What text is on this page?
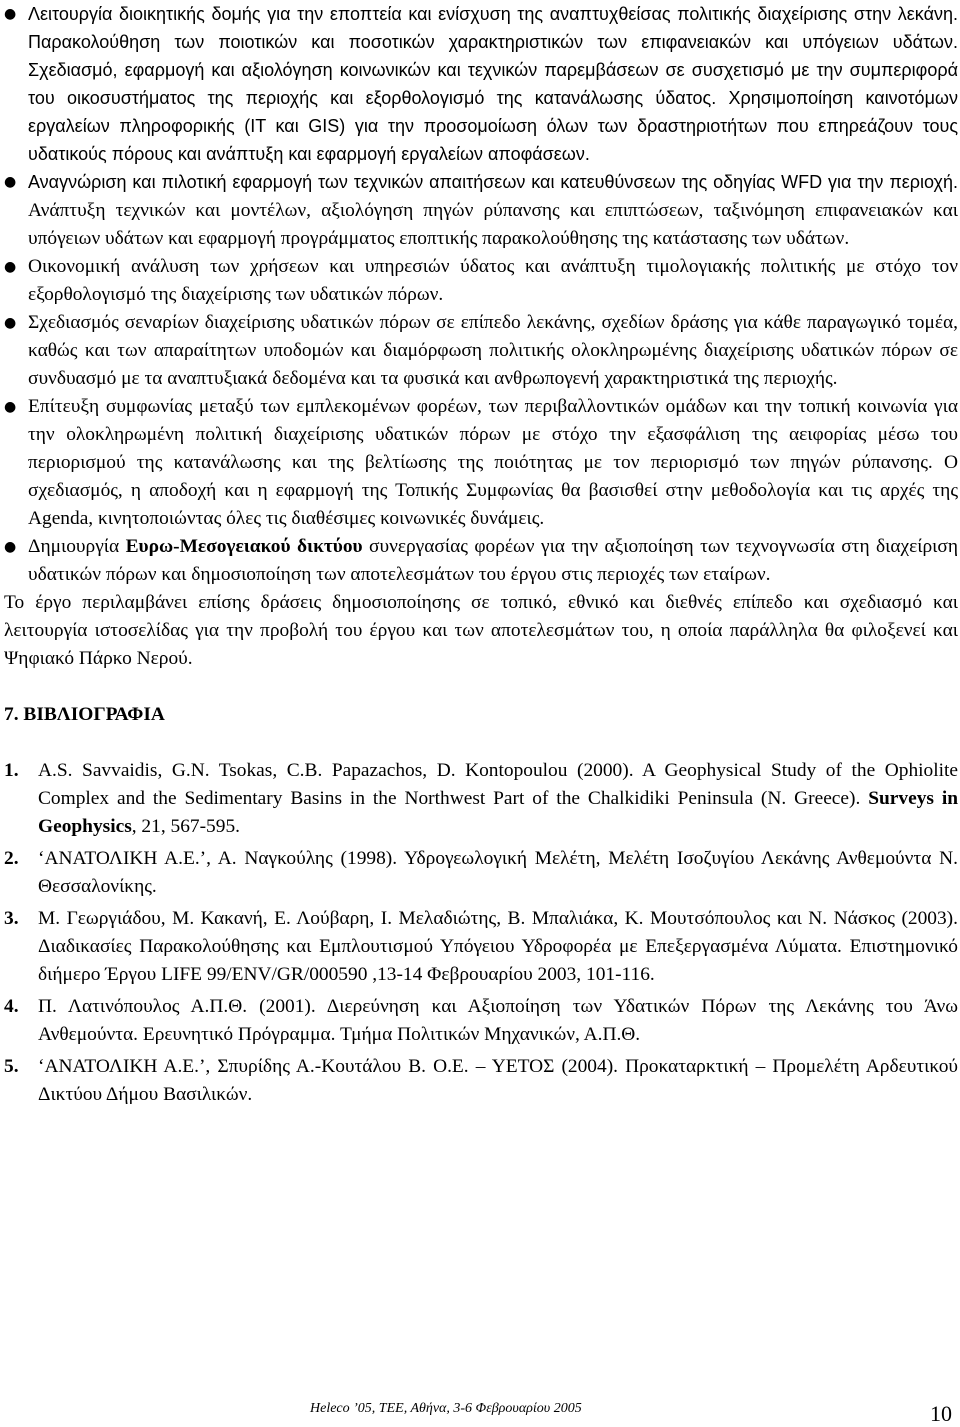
● Λειτουργία διοικητικής δομής για την εποπτεία και ενίσχυση της αναπτυχθείσας πολιτικής διαχείρισης στην λεκάνη. Παρακολούθηση των ποιοτικών και ποσοτικών χαρακτηριστικών των επιφανειακών και υπόγειων υδάτων. Σχεδιασμό, εφαρμογή και αξιολόγηση κοινωνικών και τεχνικών παρεμβάσεων σε συσχετισμό με την συμπεριφορά του οικοσυστήματος της περιοχής και εξορθολογισμό της κατανάλωσης ύδατος. Χρησιμοποίηση καινοτόμων εργαλείων πληροφορικής (IT και GIS) για την προσομοίωση όλων των δραστηριοτήτων που επηρεάζουν τους υδατικούς πόρους και ανάπτυξη και εφαρμογή εργαλείων αποφάσεων.
● Αναγνώριση και πιλοτική εφαρμογή των τεχνικών απαιτήσεων και κατευθύνσεων της οδηγίας WFD για την περιοχή. Ανάπτυξη τεχνικών και μοντέλων, αξιολόγηση πηγών ρύπανσης και επιπτώσεων, ταξινόμηση επιφανειακών και υπόγειων υδάτων και εφαρμογή προγράμματος εποπτικής παρακολούθησης της κατάστασης των υδάτων.
● Οικονομική ανάλυση των χρήσεων και υπηρεσιών ύδατος και ανάπτυξη τιμολογιακής πολιτικής με στόχο τον εξορθολογισμό της διαχείρισης των υδατικών πόρων.
● Σχεδιασμός σεναρίων διαχείρισης υδατικών πόρων σε επίπεδο λεκάνης, σχεδίων δράσης για κάθε παραγωγικό τομέα, καθώς και των απαραίτητων υποδομών και διαμόρφωση πολιτικής ολοκληρωμένης διαχείρισης υδατικών πόρων σε συνδυασμό με τα αναπτυξιακά δεδομένα και τα φυσικά και ανθρωπογενή χαρακτηριστικά της περιοχής.
● Επίτευξη συμφωνίας μεταξύ των εμπλεκομένων φορέων, των περιβαλλοντικών ομάδων και την τοπική κοινωνία για την ολοκληρωμένη πολιτική διαχείρισης υδατικών πόρων με στόχο την εξασφάλιση της αειφορίας μέσω του περιορισμού της κατανάλωσης και της βελτίωσης της ποιότητας με τον περιορισμό των πηγών ρύπανσης. Ο σχεδιασμός, η αποδοχή και η εφαρμογή της Τοπικής Συμφωνίας θα βασισθεί στην μεθοδολογία και τις αρχές της Agenda, κινητοποιώντας όλες τις διαθέσιμες κοινωνικές δυνάμεις.
● Δημιουργία Ευρω-Μεσογειακού δικτύου συνεργασίας φορέων για την αξιοποίηση των τεχνογνωσία στη διαχείριση υδατικών πόρων και δημοσιοποίηση των αποτελεσμάτων του έργου στις περιοχές των εταίρων.

Το έργο περιλαμβάνει επίσης δράσεις δημοσιοποίησης σε τοπικό, εθνικό και διεθνές επίπεδο και σχεδιασμό και λειτουργία ιστοσελίδας για την προβολή του έργου και των αποτελεσμάτων του, η οποία παράλληλα θα φιλοξενεί και Ψηφιακό Πάρκο Νερού.

7. ΒΙΒΛΙΟΓΡΑΦΙΑ
1. A.S. Savvaidis, G.N. Tsokas, C.B. Papazachos, D. Kontopoulou (2000). A Geophysical Study of the Ophiolite Complex and the Sedimentary Basins in the Northwest Part of the Chalkidiki Peninsula (N. Greece). Surveys in Geophysics, 21, 567-595.
2. ‘ΑΝΑΤΟΛΙΚΗ Α.Ε.’, Α. Ναγκούλης (1998). Υδρογεωλογική Μελέτη, Μελέτη Ισοζυγίου Λεκάνης Ανθεμούντα Ν. Θεσσαλονίκης.
3. Μ. Γεωργιάδου, Μ. Κακανή, Ε. Λούβαρη, Ι. Μελαδιώτης, Β. Μπαλιάκα, Κ. Μουτσόπουλος και Ν. Νάσκος (2003). Διαδικασίες Παρακολούθησης και Εμπλουτισμού Υπόγειου Υδροφορέα με Επεξεργασμένα Λύματα. Επιστημονικό διήμερο Έργου LIFE 99/ENV/GR/000590 ,13-14 Φεβρουαρίου 2003, 101-116.
4. Π. Λατινόπουλος Α.Π.Θ. (2001). Διερεύνηση και Αξιοποίηση των Υδατικών Πόρων της Λεκάνης του Άνω Ανθεμούντα. Ερευνητικό Πρόγραμμα. Τμήμα Πολιτικών Μηχανικών, Α.Π.Θ.
5. ‘ΑΝΑΤΟΛΙΚΗ Α.Ε.’, Σπυρίδης Α.-Κουτάλου Β. Ο.Ε. – ΥΕΤΟΣ (2004). Προκαταρκτική – Προμελέτη Αρδευτικού Δικτύου Δήμου Βασιλικών.
Heleco ’05, ΤΕΕ, Αθήνα, 3-6 Φεβρουαρίου 2005	10
